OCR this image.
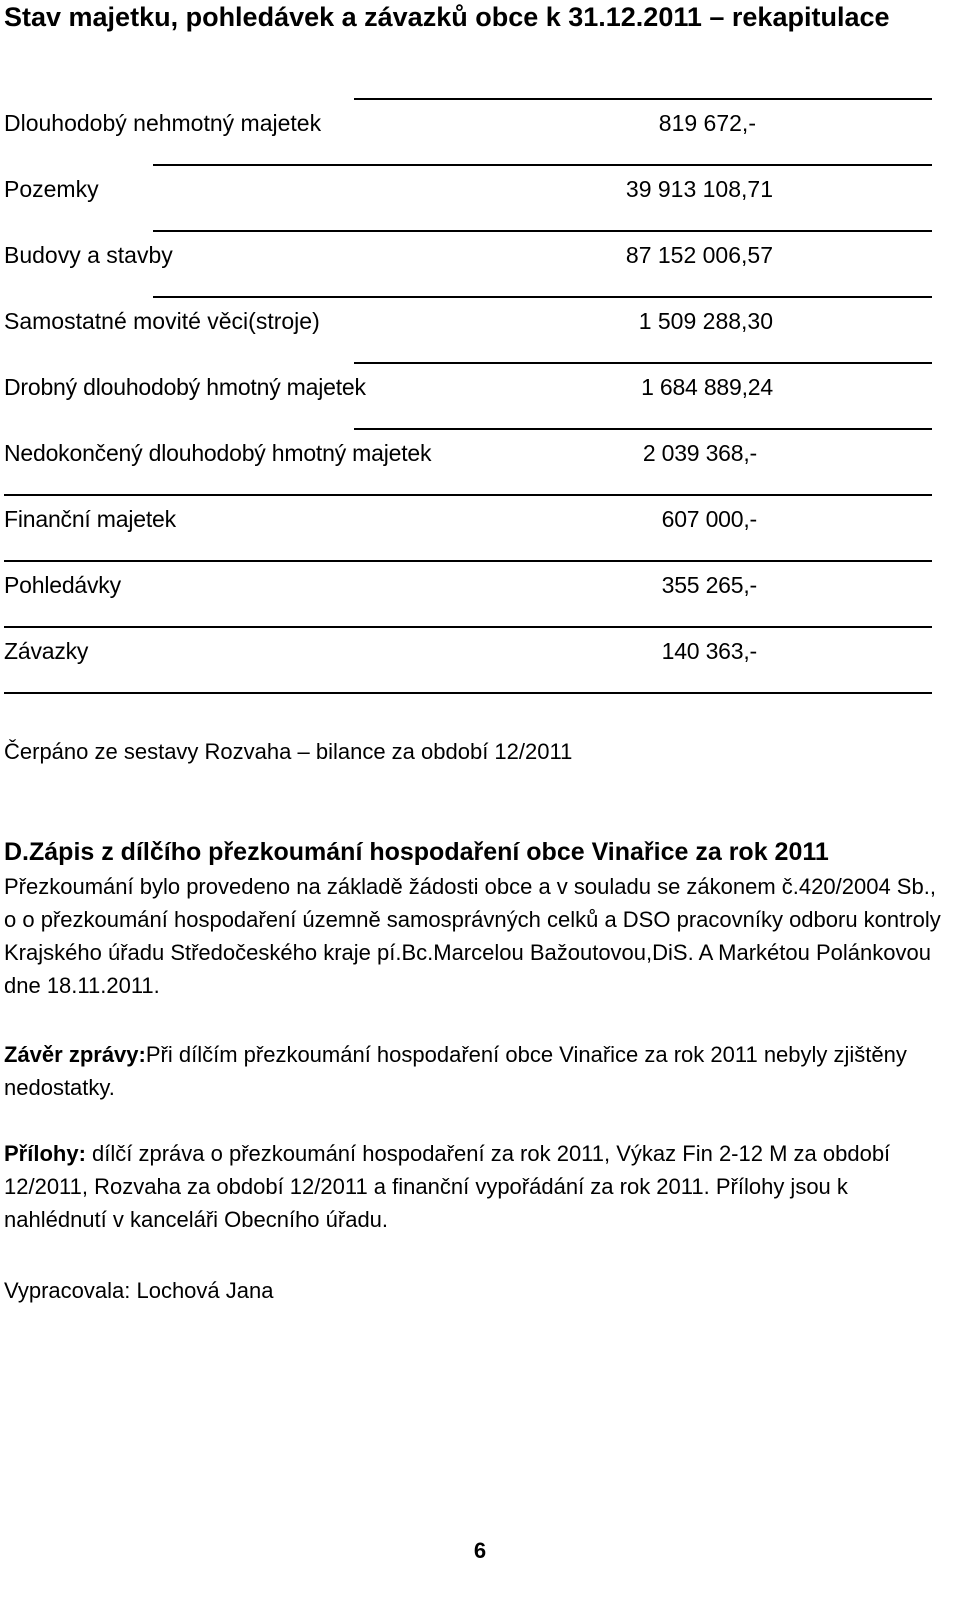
Stav majetku, pohledávek a závazků obce k 31.12.2011 – rekapitulace
Dlouhodobý nehmotný majetek	819 672,-
Pozemky	39 913 108,71
Budovy a stavby	87 152 006,57
Samostatné movité věci(stroje)	1 509 288,30
Drobný dlouhodobý hmotný majetek	1 684 889,24
Nedokončený dlouhodobý hmotný majetek	2 039 368,-
Finanční majetek	607 000,-
Pohledávky	355 265,-
Závazky	140 363,-
Čerpáno ze sestavy Rozvaha – bilance za období 12/2011
D.Zápis z dílčího přezkoumání hospodaření obce Vinařice za rok 2011
Přezkoumání bylo provedeno na základě žádosti obce a v souladu se zákonem č.420/2004 Sb., o o přezkoumání hospodaření územně samosprávných celků a DSO pracovníky odboru kontroly Krajského úřadu Středočeského kraje pí.Bc.Marcelou Bažoutovou,DiS. A Markétou Polánkovou dne 18.11.2011.
Závěr zprávy:Při dílčím přezkoumání hospodaření obce Vinařice za rok 2011 nebyly zjištěny nedostatky.
Přílohy: dílčí zpráva o přezkoumání hospodaření za rok 2011, Výkaz Fin 2-12 M za období 12/2011, Rozvaha za období 12/2011 a finanční vypořádání za rok 2011. Přílohy jsou k nahlédnutí v kanceláři Obecního úřadu.
Vypracovala: Lochová Jana
6
